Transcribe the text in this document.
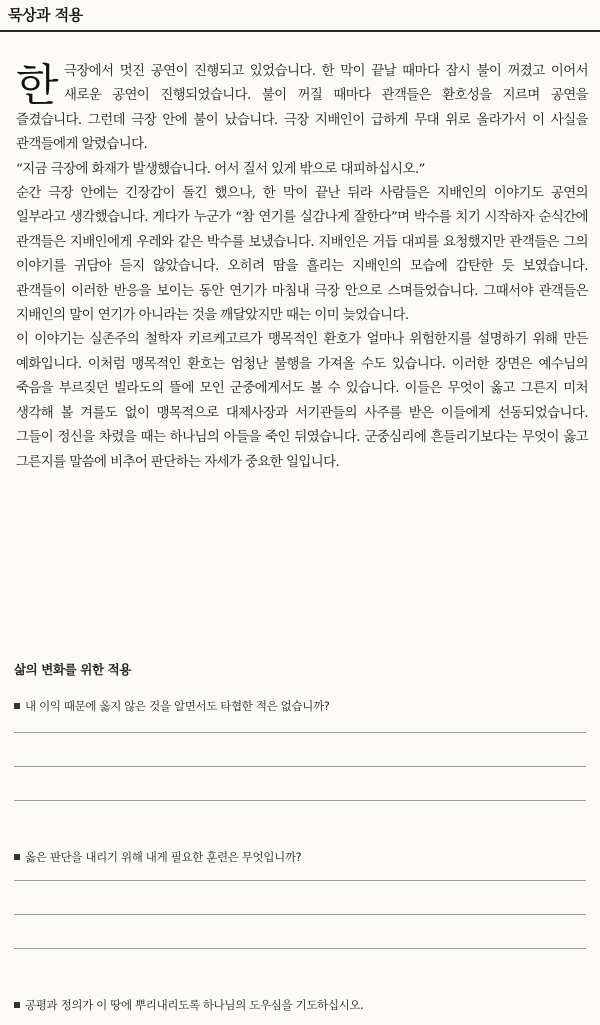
묵상과 적용
한 극장에서 멋진 공연이 진행되고 있었습니다. 한 막이 끝날 때마다 잠시 불이 꺼졌고 이어서 새로운 공연이 진행되었습니다. 불이 꺼질 때마다 관객들은 환호성을 지르며 공연을 즐겼습니다. 그런데 극장 안에 불이 났습니다. 극장 지배인이 급하게 무대 위로 올라가서 이 사실을 관객들에게 알렸습니다.

“지금 극장에 화재가 발생했습니다. 어서 질서 있게 밖으로 대피하십시오.”

순간 극장 안에는 긴장감이 돌긴 했으나, 한 막이 끝난 뒤라 사람들은 지배인의 이야기도 공연의 일부라고 생각했습니다. 게다가 누군가 “참 연기를 실감나게 잘한다”며 박수를 치기 시작하자 순식간에 관객들은 지배인에게 우레와 같은 박수를 보냈습니다. 지배인은 거듭 대피를 요청했지만 관객들은 그의 이야기를 귀담아 듣지 않았습니다. 오히려 땀을 흘리는 지배인의 모습에 감탄한 듯 보였습니다. 관객들이 이러한 반응을 보이는 동안 연기가 마침내 극장 안으로 스며들었습니다. 그때서야 관객들은 지배인의 말이 연기가 아니라는 것을 깨달았지만 때는 이미 늦었습니다.

이 이야기는 실존주의 철학자 키르케고르가 맹목적인 환호가 얼마나 위험한지를 설명하기 위해 만든 예화입니다. 이처럼 맹목적인 환호는 엄청난 불행을 가져올 수도 있습니다. 이러한 장면은 예수님의 죽음을 부르짖던 빌라도의 뜰에 모인 군중에게서도 볼 수 있습니다. 이들은 무엇이 옳고 그른지 미처 생각해 볼 겨를도 없이 맹목적으로 대제사장과 서기관들의 사주를 받은 이들에게 선동되었습니다. 그들이 정신을 차렸을 때는 하나님의 아들을 죽인 뒤였습니다. 군중심리에 흔들리기보다는 무엇이 옳고 그른지를 말씀에 비추어 판단하는 자세가 중요한 일입니다.

삶의 변화를 위한 적용
내 이익 때문에 옳지 않은 것을 알면서도 타협한 적은 없습니까?
옳은 판단을 내리기 위해 내게 필요한 훈련은 무엇입니까?
공평과 정의가 이 땅에 뿌리내리도록 하나님의 도우심을 기도하십시오.
